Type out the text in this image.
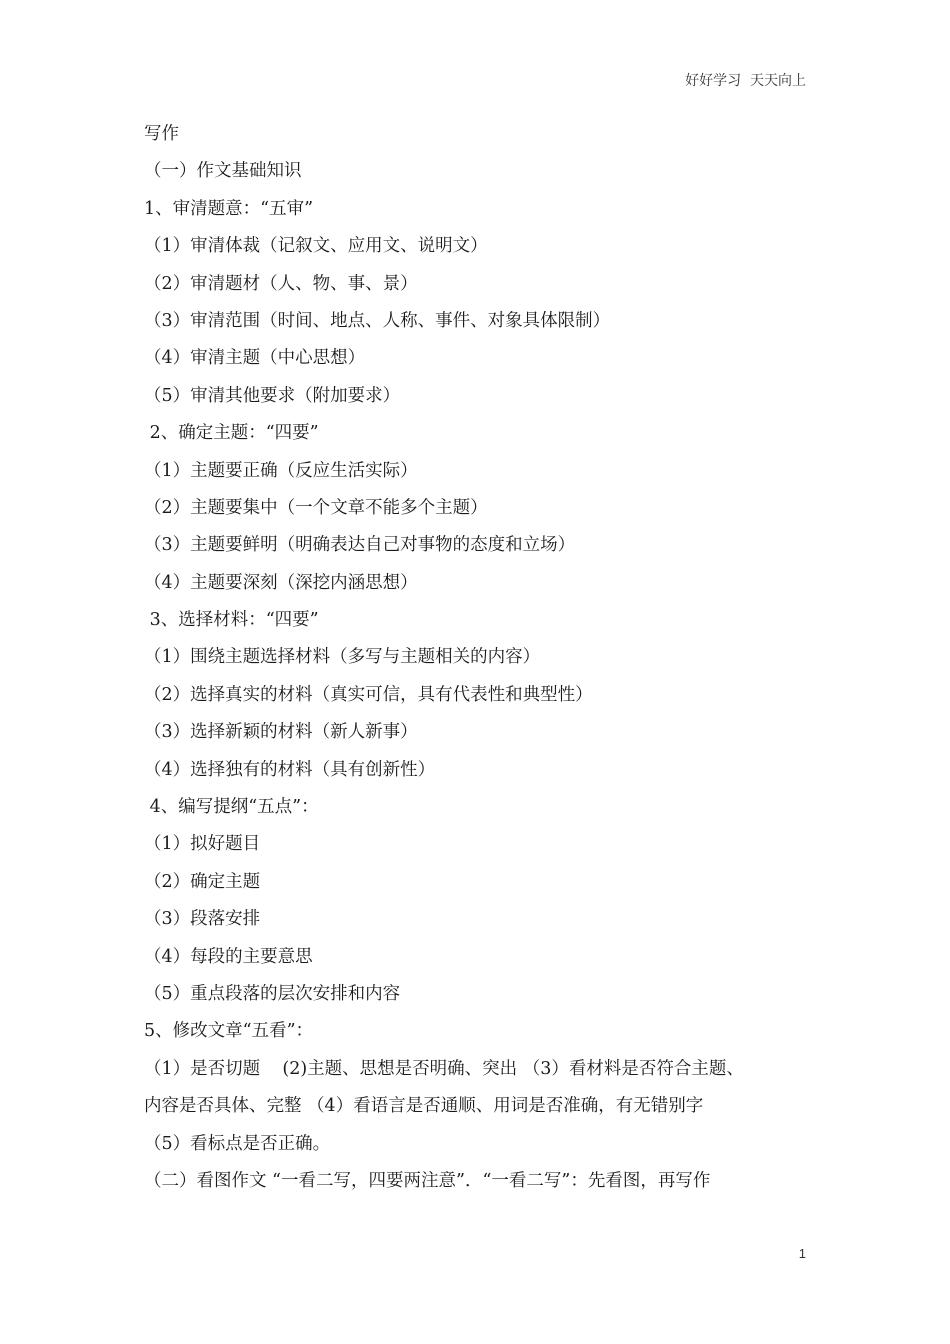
好好学习  天天向上
写作
（一）作文基础知识
1、审清题意：“五审”
（1）审清体裁（记叙文、应用文、说明文）
（2）审清题材（人、物、事、景）
（3）审清范围（时间、地点、人称、事件、对象具体限制）
（4）审清主题（中心思想）
（5）审清其他要求（附加要求）
2、确定主题：“四要”
（1）主题要正确（反应生活实际）
（2）主题要集中（一个文章不能多个主题）
（3）主题要鲜明（明确表达自己对事物的态度和立场）
（4）主题要深刻（深挖内涵思想）
3、选择材料：“四要”
（1）围绕主题选择材料（多写与主题相关的内容）
（2）选择真实的材料（真实可信，具有代表性和典型性）
（3）选择新颖的材料（新人新事）
（4）选择独有的材料（具有创新性）
4、编写提纲“五点”：
（1）拟好题目
（2）确定主题
（3）段落安排
（4）每段的主要意思
（5）重点段落的层次安排和内容
5、修改文章“五看”：
（1）是否切题    (2)主题、思想是否明确、突出 （3）看材料是否符合主题、
内容是否具体、完整 （4）看语言是否通顺、用词是否准确，有无错别字
（5）看标点是否正确。
（二）看图作文 “一看二写，四要两注意”．“一看二写”：先看图，再写作
1
